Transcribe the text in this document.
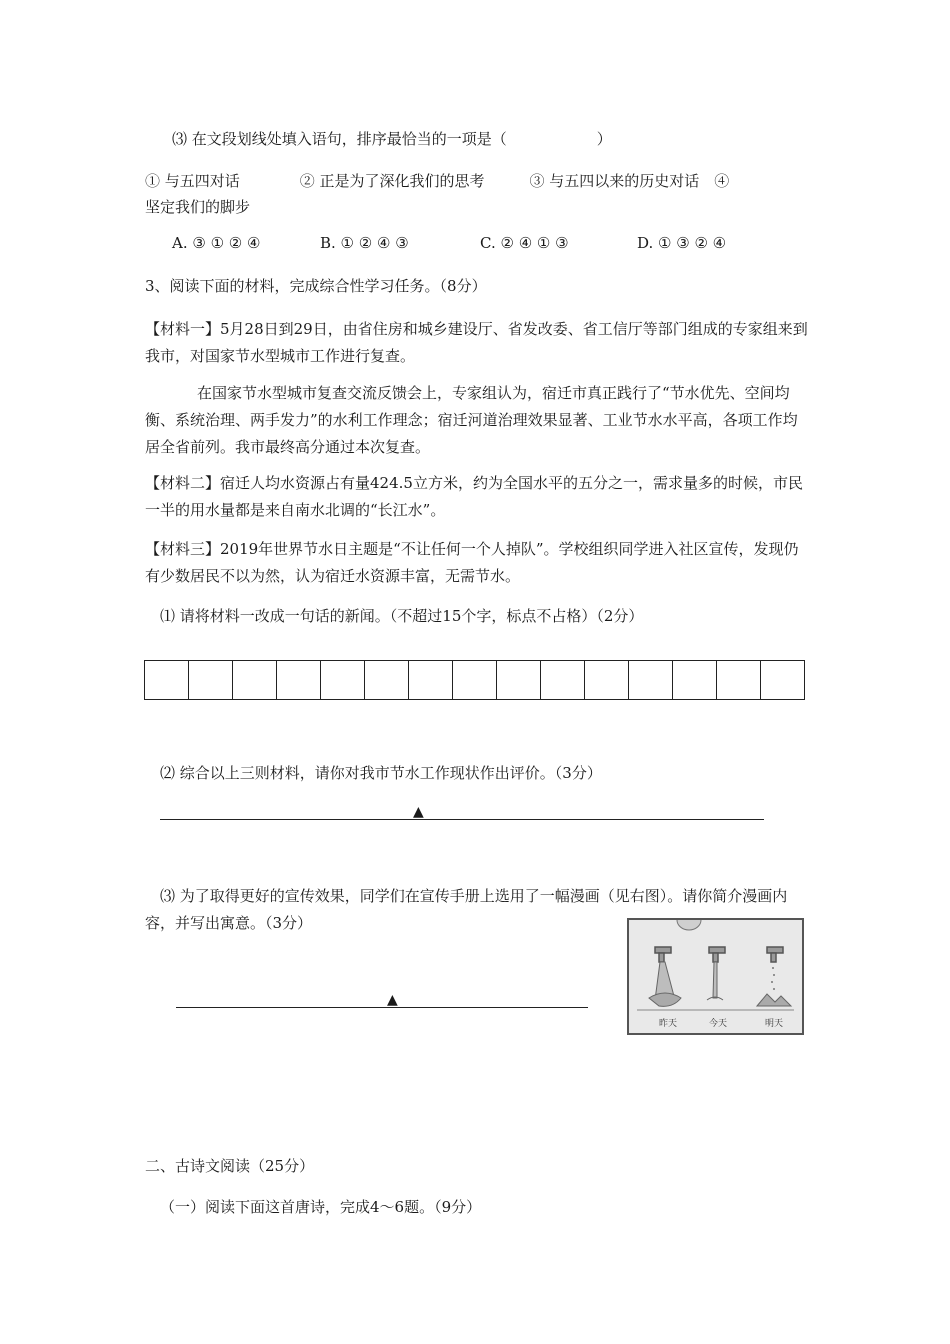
⑶ 在文段划线处填入语句，排序最恰当的一项是（　　　　　　）
① 与五四对话　　　　② 正是为了深化我们的思考　　　③ 与五四以来的历史对话　④
坚定我们的脚步
A. ③ ① ② ④	B. ① ② ④ ③	C. ② ④ ① ③	D. ① ③ ② ④
3、阅读下面的材料，完成综合性学习任务。（8分）
【材料一】5月28日到29日，由省住房和城乡建设厅、省发改委、省工信厅等部门组成的专家组来到我市，对国家节水型城市工作进行复查。
在国家节水型城市复查交流反馈会上，专家组认为，宿迁市真正践行了“节水优先、空间均衡、系统治理、两手发力”的水利工作理念；宿迁河道治理效果显著、工业节水水平高，各项工作均居全省前列。我市最终高分通过本次复查。
【材料二】宿迁人均水资源占有量424.5立方米，约为全国水平的五分之一，需求量多的时候，市民一半的用水量都是来自南水北调的“长江水”。
【材料三】2019年世界节水日主题是“不让任何一个人掉队”。学校组织同学进入社区宣传，发现仍有少数居民不以为然，认为宿迁水资源丰富，无需节水。
⑴ 请将材料一改成一句话的新闻。（不超过15个字，标点不占格）（2分）
⑵ 综合以上三则材料，请你对我市节水工作现状作出评价。（3分）
▲
⑶ 为了取得更好的宣传效果，同学们在宣传手册上选用了一幅漫画（见右图）。请你简介漫画内容，并写出寓意。（3分）
▲
昨天	今天	明天
二、古诗文阅读（25分）
（一）阅读下面这首唐诗，完成4～6题。（9分）
